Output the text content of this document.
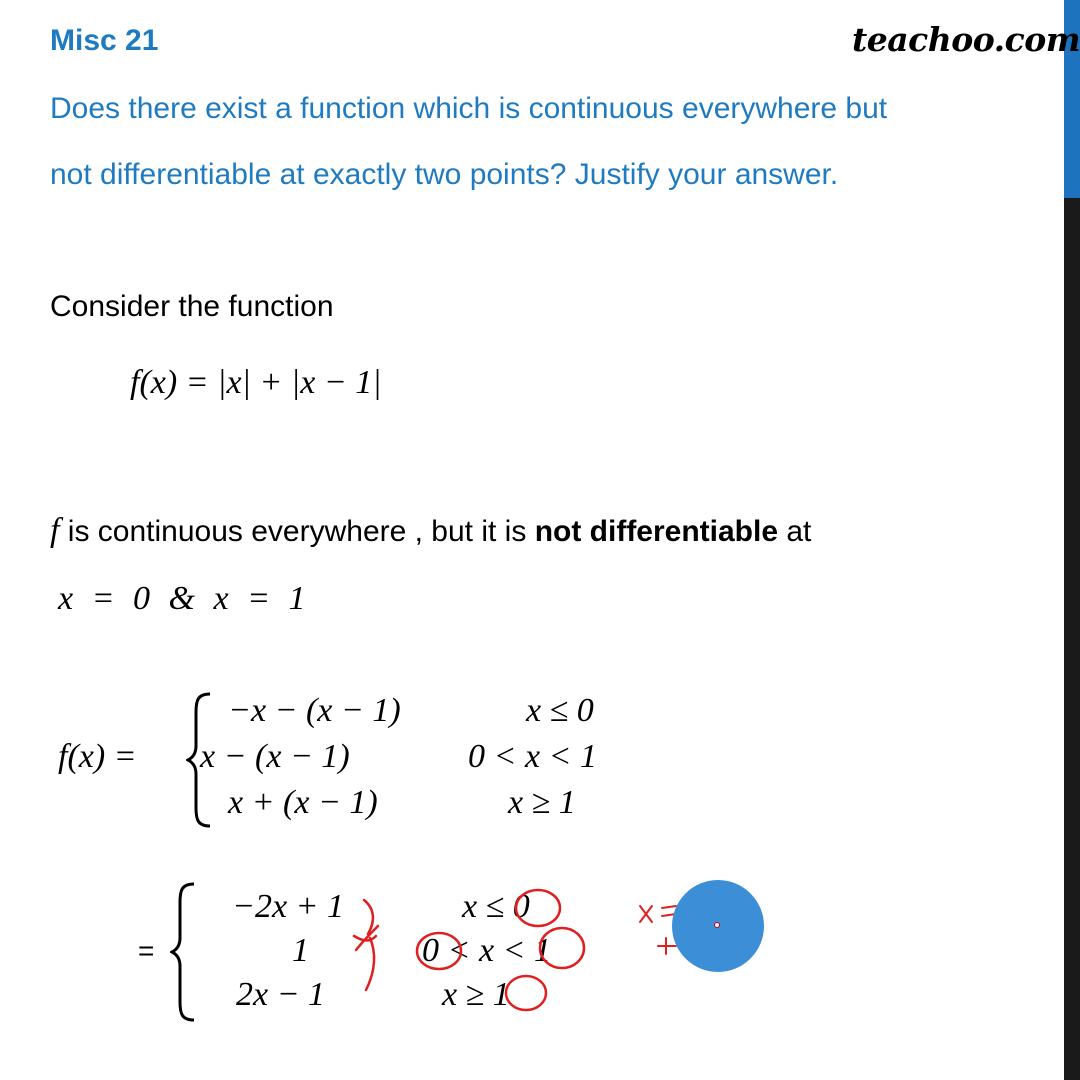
Misc 21	teachoo.com
Does there exist a function which is continuous everywhere but
not differentiable at exactly two points? Justify your answer.
Consider the function
f(x) = |x| + |x − 1|
f is continuous everywhere , but it is not differentiable at
x = 0 & x = 1
f(x) =
−x − (x − 1)	x ≤ 0
x − (x − 1)	0 < x < 1
x + (x − 1)	x ≥ 1
=
−2x + 1	x ≤ 0
1	0 < x < 1
2x − 1	x ≥ 1
x = 0
x = 1
